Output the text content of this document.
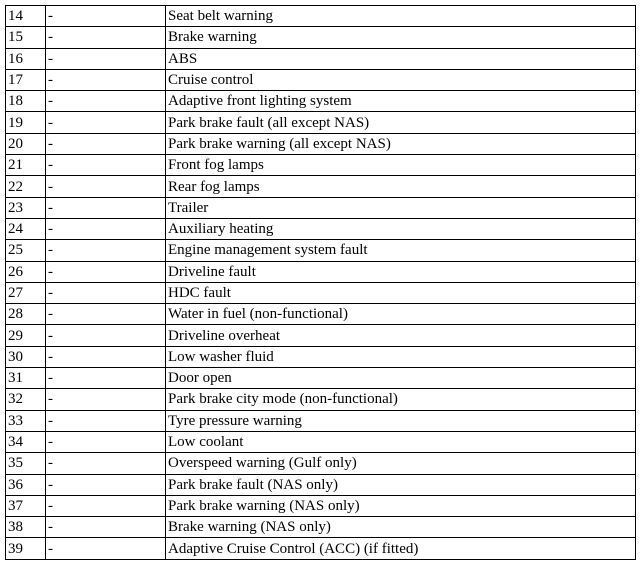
14	-	Seat belt warning
15	-	Brake warning
16	-	ABS
17	-	Cruise control
18	-	Adaptive front lighting system
19	-	Park brake fault (all except NAS)
20	-	Park brake warning (all except NAS)
21	-	Front fog lamps
22	-	Rear fog lamps
23	-	Trailer
24	-	Auxiliary heating
25	-	Engine management system fault
26	-	Driveline fault
27	-	HDC fault
28	-	Water in fuel (non-functional)
29	-	Driveline overheat
30	-	Low washer fluid
31	-	Door open
32	-	Park brake city mode (non-functional)
33	-	Tyre pressure warning
34	-	Low coolant
35	-	Overspeed warning (Gulf only)
36	-	Park brake fault (NAS only)
37	-	Park brake warning (NAS only)
38	-	Brake warning (NAS only)
39	-	Adaptive Cruise Control (ACC) (if fitted)
